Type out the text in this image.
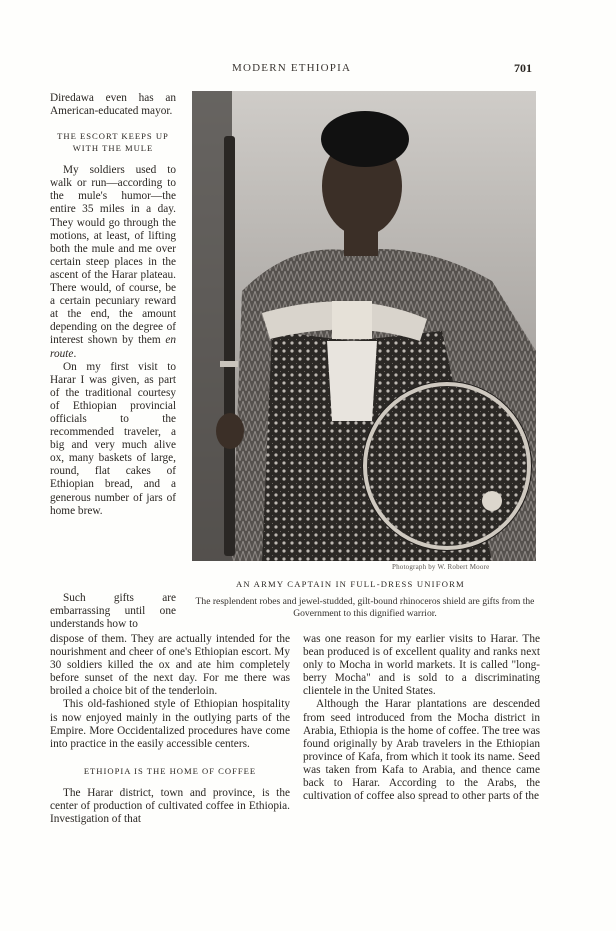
MODERN ETHIOPIA	701

Diredawa even has an American-educated mayor.

THE ESCORT KEEPS UP WITH THE MULE

My soldiers used to walk or run—according to the mule's humor—the entire 35 miles in a day. They would go through the motions, at least, of lifting both the mule and me over certain steep places in the ascent of the Harar plateau. There would, of course, be a certain pecuniary reward at the end, the amount depending on the degree of interest shown by them en route.

On my first visit to Harar I was given, as part of the traditional courtesy of Ethiopian provincial officials to the recommended traveler, a big and very much alive ox, many baskets of large, round, flat cakes of Ethiopian bread, and a generous number of jars of home brew.

Photograph by W. Robert Moore
AN ARMY CAPTAIN IN FULL-DRESS UNIFORM
The resplendent robes and jewel-studded, gilt-bound rhinoceros shield are gifts from the Government to this dignified warrior.

Such gifts are embarrassing until one understands how to

dispose of them. They are actually intended for the nourishment and cheer of one's Ethiopian escort. My 30 soldiers killed the ox and ate him completely before sunset of the next day. For me there was broiled a choice bit of the tenderloin.

This old-fashioned style of Ethiopian hospitality is now enjoyed mainly in the outlying parts of the Empire. More Occidentalized procedures have come into practice in the easily accessible centers.

ETHIOPIA IS THE HOME OF COFFEE

The Harar district, town and province, is the center of production of cultivated coffee in Ethiopia. Investigation of that

was one reason for my earlier visits to Harar. The bean produced is of excellent quality and ranks next only to Mocha in world markets. It is called "long-berry Mocha" and is sold to a discriminating clientele in the United States.

Although the Harar plantations are descended from seed introduced from the Mocha district in Arabia, Ethiopia is the home of coffee. The tree was found originally by Arab travelers in the Ethiopian province of Kafa, from which it took its name. Seed was taken from Kafa to Arabia, and thence came back to Harar. According to the Arabs, the cultivation of coffee also spread to other parts of the
